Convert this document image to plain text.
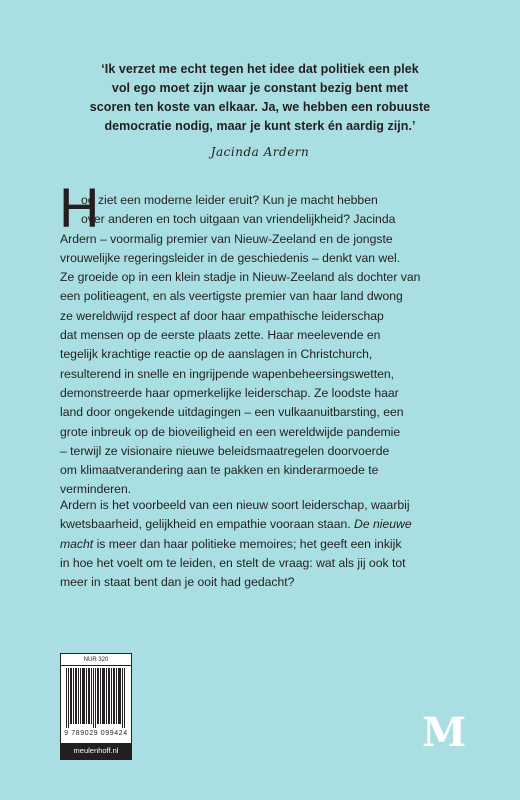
‘Ik verzet me echt tegen het idee dat politiek een plek
vol ego moet zijn waar je constant bezig bent met
scoren ten koste van elkaar. Ja, we hebben een robuuste
democratie nodig, maar je kunt sterk én aardig zijn.’
Jacinda Ardern
H
oe ziet een moderne leider eruit? Kun je macht hebben
over anderen en toch uitgaan van vriendelijkheid? Jacinda
Ardern – voormalig premier van Nieuw-Zeeland en de jongste
vrouwelijke regeringsleider in de geschiedenis – denkt van wel.
Ze groeide op in een klein stadje in Nieuw-Zeeland als dochter van
een politieagent, en als veertigste premier van haar land dwong
ze wereldwijd respect af door haar empathische leiderschap
dat mensen op de eerste plaats zette. Haar meelevende en
tegelijk krachtige reactie op de aanslagen in Christchurch,
resulterend in snelle en ingrijpende wapenbeheersingswetten,
demonstreerde haar opmerkelijke leiderschap. Ze loodste haar
land door ongekende uitdagingen – een vulkaanuitbarsting, een
grote inbreuk op de bioveiligheid en een wereldwijde pandemie
– terwijl ze visionaire nieuwe beleidsmaatregelen doorvoerde
om klimaatverandering aan te pakken en kinderarmoede te
verminderen.
Ardern is het voorbeeld van een nieuw soort leiderschap, waarbij
kwetsbaarheid, gelijkheid en empathie vooraan staan. De nieuwe
macht is meer dan haar politieke memoires; het geeft een inkijk
in hoe het voelt om te leiden, en stelt de vraag: wat als jij ook tot
meer in staat bent dan je ooit had gedacht?
NUR 320
9 789029 099424
meulenhoff.nl	M
